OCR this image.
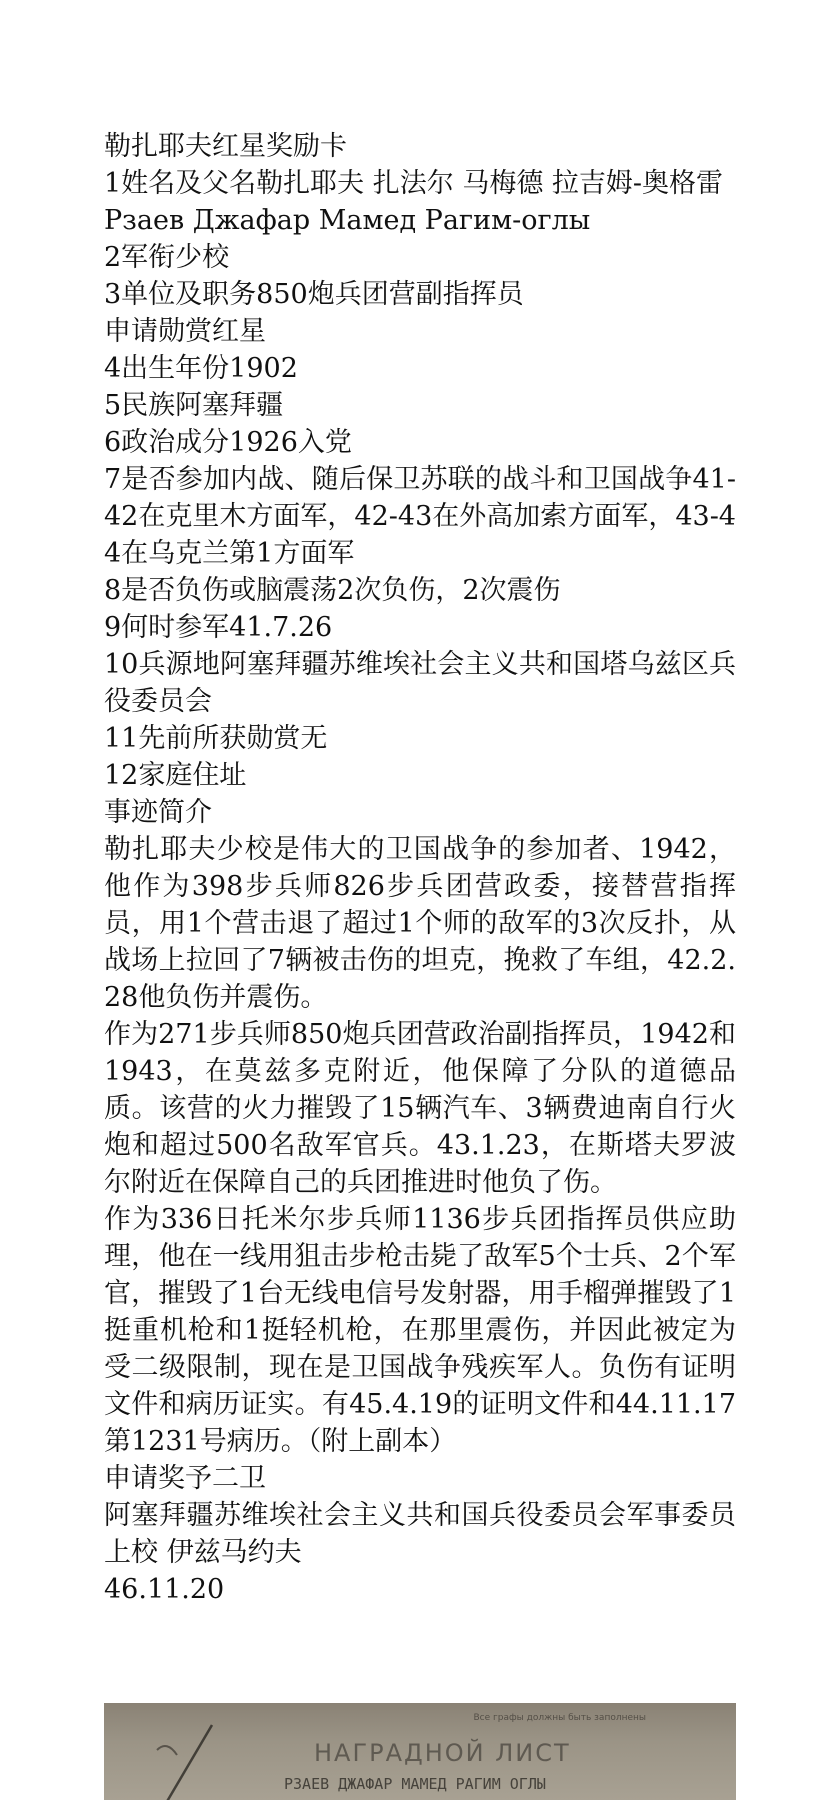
勒扎耶夫红星奖励卡

1姓名及父名勒扎耶夫 扎法尔 马梅德 拉吉姆-奥格雷

Рзаев Джафар Мамед Рагим-оглы

2军衔少校

3单位及职务850炮兵团营副指挥员

申请勋赏红星

4出生年份1902

5民族阿塞拜疆

6政治成分1926入党

7是否参加内战、随后保卫苏联的战斗和卫国战争41-42在克里木方面军，42-43在外高加索方面军，43-44在乌克兰第1方面军

8是否负伤或脑震荡2次负伤，2次震伤

9何时参军41.7.26

10兵源地阿塞拜疆苏维埃社会主义共和国塔乌兹区兵役委员会

11先前所获勋赏无

12家庭住址

事迹简介

勒扎耶夫少校是伟大的卫国战争的参加者、1942，他作为398步兵师826步兵团营政委，接替营指挥员，用1个营击退了超过1个师的敌军的3次反扑，从战场上拉回了7辆被击伤的坦克，挽救了车组，42.2.28他负伤并震伤。

作为271步兵师850炮兵团营政治副指挥员，1942和1943，在莫兹多克附近，他保障了分队的道德品质。该营的火力摧毁了15辆汽车、3辆费迪南自行火炮和超过500名敌军官兵。43.1.23，在斯塔夫罗波尔附近在保障自己的兵团推进时他负了伤。

作为336日托米尔步兵师1136步兵团指挥员供应助理，他在一线用狙击步枪击毙了敌军5个士兵、2个军官，摧毁了1台无线电信号发射器，用手榴弹摧毁了1挺重机枪和1挺轻机枪，在那里震伤，并因此被定为受二级限制，现在是卫国战争残疾军人。负伤有证明文件和病历证实。有45.4.19的证明文件和44.11.17第1231号病历。（附上副本）

申请奖予二卫

阿塞拜疆苏维埃社会主义共和国兵役委员会军事委员 上校 伊兹马约夫

46.11.20

Все графы должны быть заполнены
НАГРАДНОЙ ЛИСТ
РЗАЕВ ДЖАФАР МАМЕД РАГИМ ОГЛЫ
